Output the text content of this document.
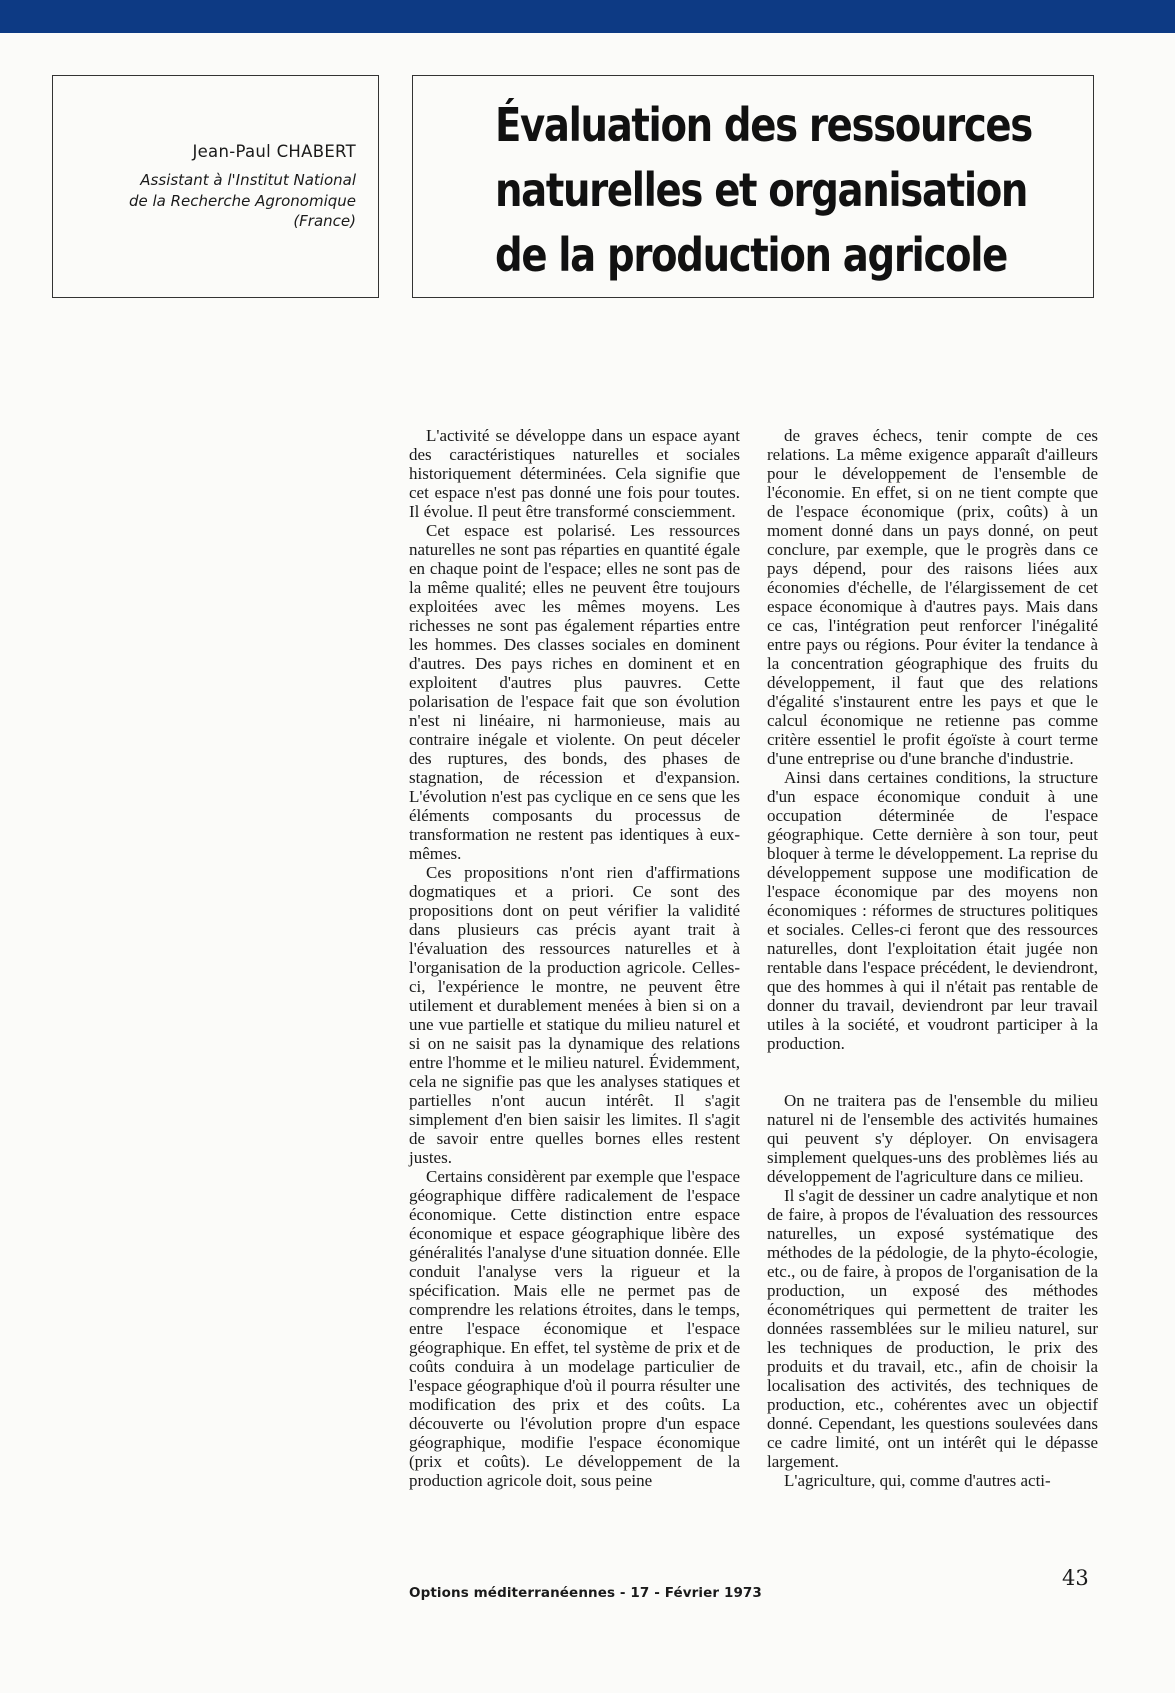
Jean-Paul CHABERT
Assistant à l'Institut National
de la Recherche Agronomique
(France)
Évaluation des ressources
naturelles et organisation
de la production agricole

L'activité se développe dans un espace ayant des caractéristiques naturelles et sociales historiquement déterminées. Cela signifie que cet espace n'est pas donné une fois pour toutes. Il évolue. Il peut être transformé consciemment.

Cet espace est polarisé. Les ressources naturelles ne sont pas réparties en quantité égale en chaque point de l'espace; elles ne sont pas de la même qualité; elles ne peuvent être toujours exploitées avec les mêmes moyens. Les richesses ne sont pas également réparties entre les hommes. Des classes sociales en dominent d'autres. Des pays riches en dominent et en exploitent d'autres plus pauvres. Cette polarisation de l'espace fait que son évolution n'est ni linéaire, ni harmonieuse, mais au contraire inégale et violente. On peut déceler des ruptures, des bonds, des phases de stagnation, de récession et d'expansion. L'évolution n'est pas cyclique en ce sens que les éléments composants du processus de transformation ne restent pas identiques à eux-mêmes.

Ces propositions n'ont rien d'affirmations dogmatiques et a priori. Ce sont des propositions dont on peut vérifier la validité dans plusieurs cas précis ayant trait à l'évaluation des ressources naturelles et à l'organisation de la production agricole. Celles-ci, l'expérience le montre, ne peuvent être utilement et durablement menées à bien si on a une vue partielle et statique du milieu naturel et si on ne saisit pas la dynamique des relations entre l'homme et le milieu naturel. Évidemment, cela ne signifie pas que les analyses statiques et partielles n'ont aucun intérêt. Il s'agit simplement d'en bien saisir les limites. Il s'agit de savoir entre quelles bornes elles restent justes.

Certains considèrent par exemple que l'espace géographique diffère radicalement de l'espace économique. Cette distinction entre espace économique et espace géographique libère des généralités l'analyse d'une situation donnée. Elle conduit l'analyse vers la rigueur et la spécification. Mais elle ne permet pas de comprendre les relations étroites, dans le temps, entre l'espace économique et l'espace géographique. En effet, tel système de prix et de coûts conduira à un modelage particulier de l'espace géographique d'où il pourra résulter une modification des prix et des coûts. La découverte ou l'évolution propre d'un espace géographique, modifie l'espace économique (prix et coûts). Le développement de la production agricole doit, sous peine

de graves échecs, tenir compte de ces relations. La même exigence apparaît d'ailleurs pour le développement de l'ensemble de l'économie. En effet, si on ne tient compte que de l'espace économique (prix, coûts) à un moment donné dans un pays donné, on peut conclure, par exemple, que le progrès dans ce pays dépend, pour des raisons liées aux économies d'échelle, de l'élargissement de cet espace économique à d'autres pays. Mais dans ce cas, l'intégration peut renforcer l'inégalité entre pays ou régions. Pour éviter la tendance à la concentration géographique des fruits du développement, il faut que des relations d'égalité s'instaurent entre les pays et que le calcul économique ne retienne pas comme critère essentiel le profit égoïste à court terme d'une entreprise ou d'une branche d'industrie.

Ainsi dans certaines conditions, la structure d'un espace économique conduit à une occupation déterminée de l'espace géographique. Cette dernière à son tour, peut bloquer à terme le développement. La reprise du développement suppose une modification de l'espace économique par des moyens non économiques : réformes de structures politiques et sociales. Celles-ci feront que des ressources naturelles, dont l'exploitation était jugée non rentable dans l'espace précédent, le deviendront, que des hommes à qui il n'était pas rentable de donner du travail, deviendront par leur travail utiles à la société, et voudront participer à la production.

On ne traitera pas de l'ensemble du milieu naturel ni de l'ensemble des activités humaines qui peuvent s'y déployer. On envisagera simplement quelques-uns des problèmes liés au développement de l'agriculture dans ce milieu.

Il s'agit de dessiner un cadre analytique et non de faire, à propos de l'évaluation des ressources naturelles, un exposé systématique des méthodes de la pédologie, de la phyto-écologie, etc., ou de faire, à propos de l'organisation de la production, un exposé des méthodes économétriques qui permettent de traiter les données rassemblées sur le milieu naturel, sur les techniques de production, le prix des produits et du travail, etc., afin de choisir la localisation des activités, des techniques de production, etc., cohérentes avec un objectif donné. Cependant, les questions soulevées dans ce cadre limité, ont un intérêt qui le dépasse largement.

L'agriculture, qui, comme d'autres acti-

Options méditerranéennes - 17 - Février 1973
43
